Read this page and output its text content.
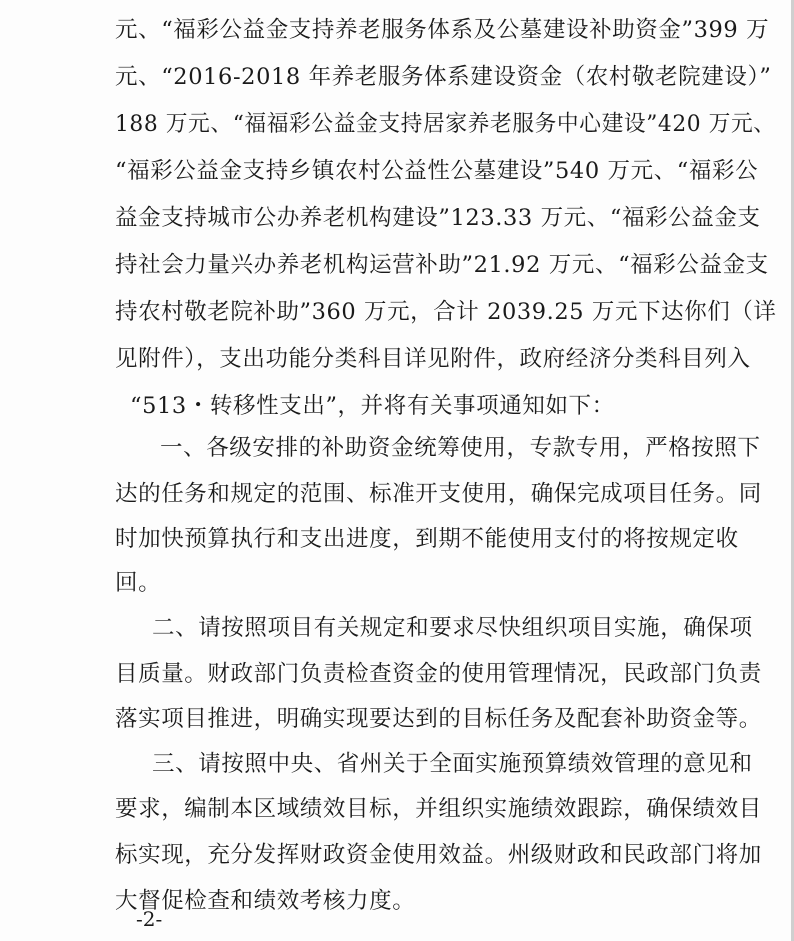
元、“福彩公益金支持养老服务体系及公墓建设补助资金”399 万
元、“2016-2018 年养老服务体系建设资金（农村敬老院建设）”
188 万元、“福福彩公益金支持居家养老服务中心建设”420 万元、
“福彩公益金支持乡镇农村公益性公墓建设”540 万元、“福彩公
益金支持城市公办养老机构建设”123.33 万元、“福彩公益金支
持社会力量兴办养老机构运营补助”21.92 万元、“福彩公益金支
持农村敬老院补助”360 万元，合计 2039.25 万元下达你们（详
见附件），支出功能分类科目详见附件，政府经济分类科目列入
“513・转移性支出”，并将有关事项通知如下：
一、各级安排的补助资金统筹使用，专款专用，严格按照下
达的任务和规定的范围、标准开支使用，确保完成项目任务。同
时加快预算执行和支出进度，到期不能使用支付的将按规定收
回。
二、请按照项目有关规定和要求尽快组织项目实施，确保项
目质量。财政部门负责检查资金的使用管理情况，民政部门负责
落实项目推进，明确实现要达到的目标任务及配套补助资金等。
三、请按照中央、省州关于全面实施预算绩效管理的意见和
要求，编制本区域绩效目标，并组织实施绩效跟踪，确保绩效目
标实现，充分发挥财政资金使用效益。州级财政和民政部门将加
大督促检查和绩效考核力度。
-2-
